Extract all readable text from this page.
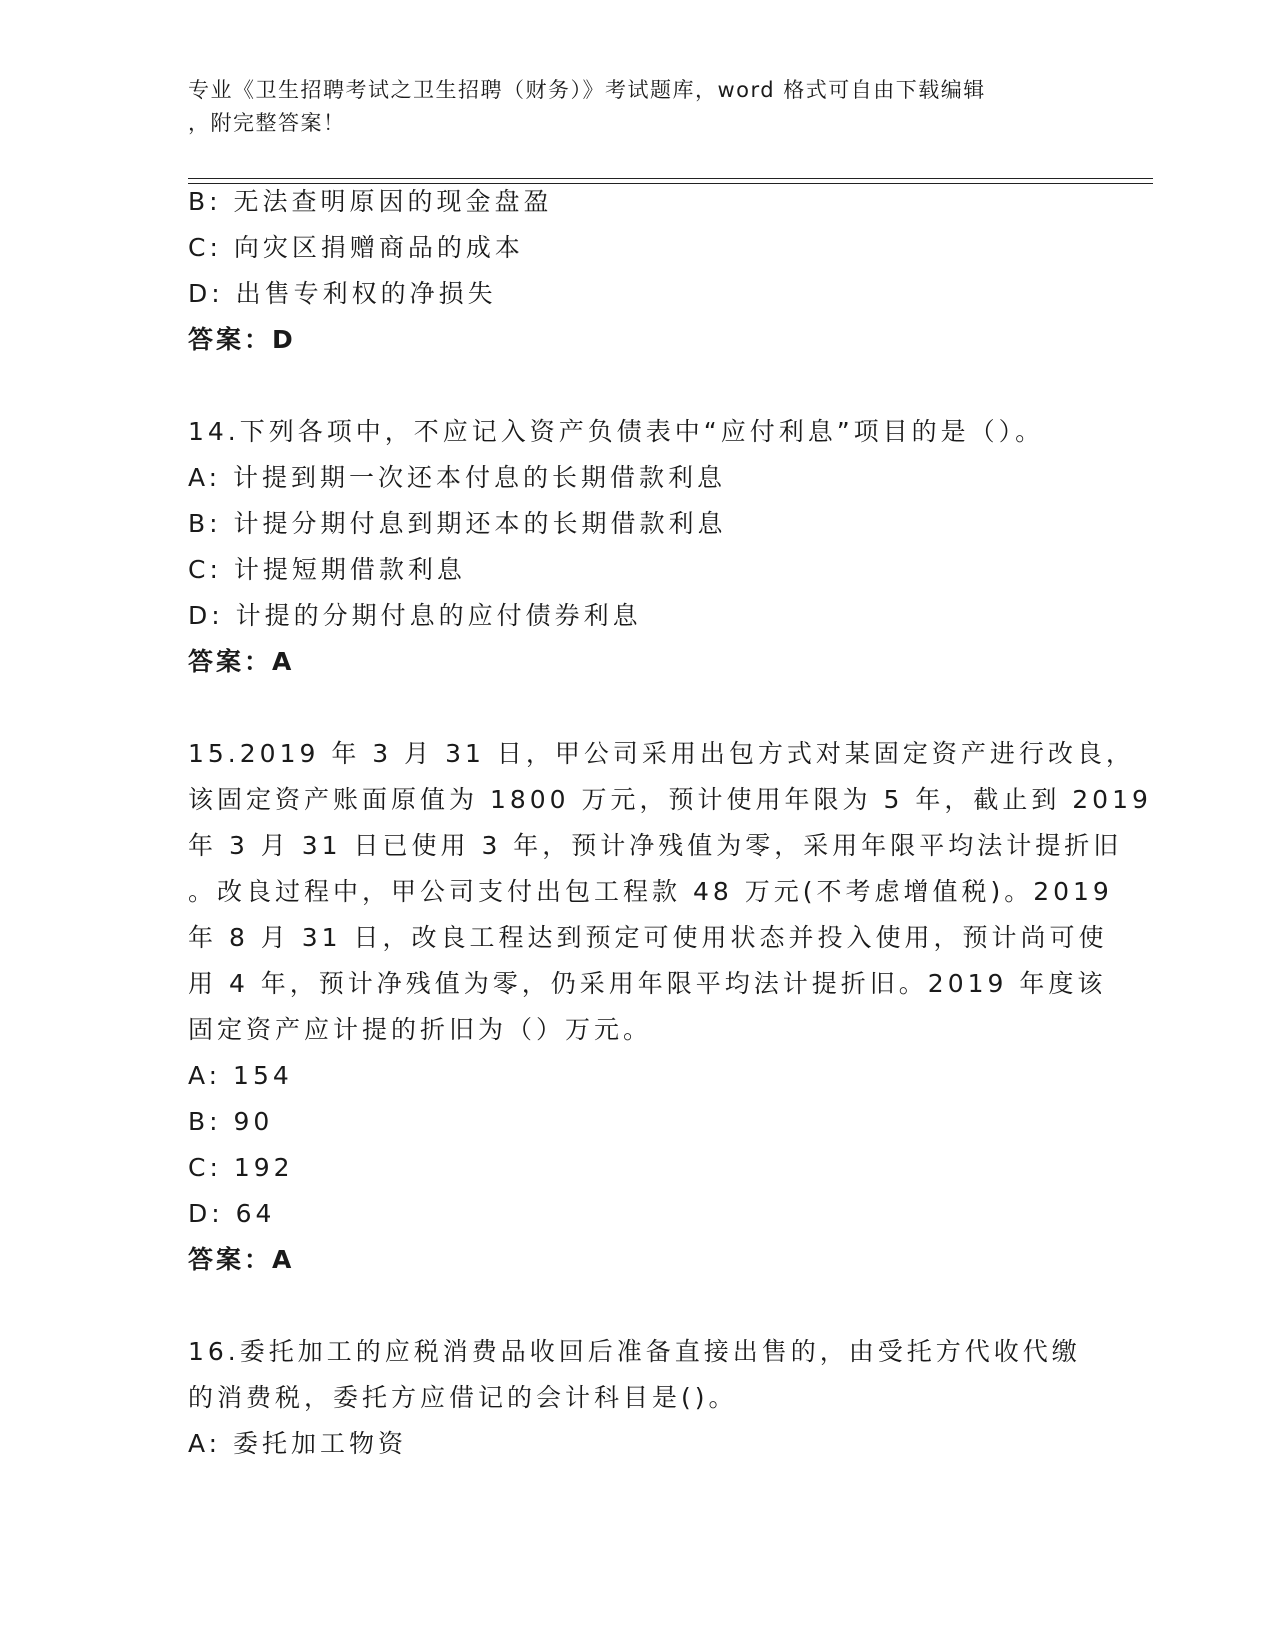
专业《卫生招聘考试之卫生招聘（财务）》考试题库，word 格式可自由下载编辑
，附完整答案！
B: 无法查明原因的现金盘盈
C: 向灾区捐赠商品的成本
D: 出售专利权的净损失
答案：D
14.下列各项中，不应记入资产负债表中“应付利息”项目的是（）。
A: 计提到期一次还本付息的长期借款利息
B: 计提分期付息到期还本的长期借款利息
C: 计提短期借款利息
D: 计提的分期付息的应付债券利息
答案：A
15.2019 年 3 月 31 日，甲公司采用出包方式对某固定资产进行改良，
该固定资产账面原值为 1800 万元，预计使用年限为 5 年，截止到 2019
年 3 月 31 日已使用 3 年，预计净残值为零，采用年限平均法计提折旧
。改良过程中，甲公司支付出包工程款 48 万元(不考虑增值税)。2019
年 8 月 31 日，改良工程达到预定可使用状态并投入使用，预计尚可使
用 4 年，预计净残值为零，仍采用年限平均法计提折旧。2019 年度该
固定资产应计提的折旧为（）万元。
A: 154
B: 90
C: 192
D: 64
答案：A
16.委托加工的应税消费品收回后准备直接出售的，由受托方代收代缴
的消费税，委托方应借记的会计科目是()。
A: 委托加工物资
